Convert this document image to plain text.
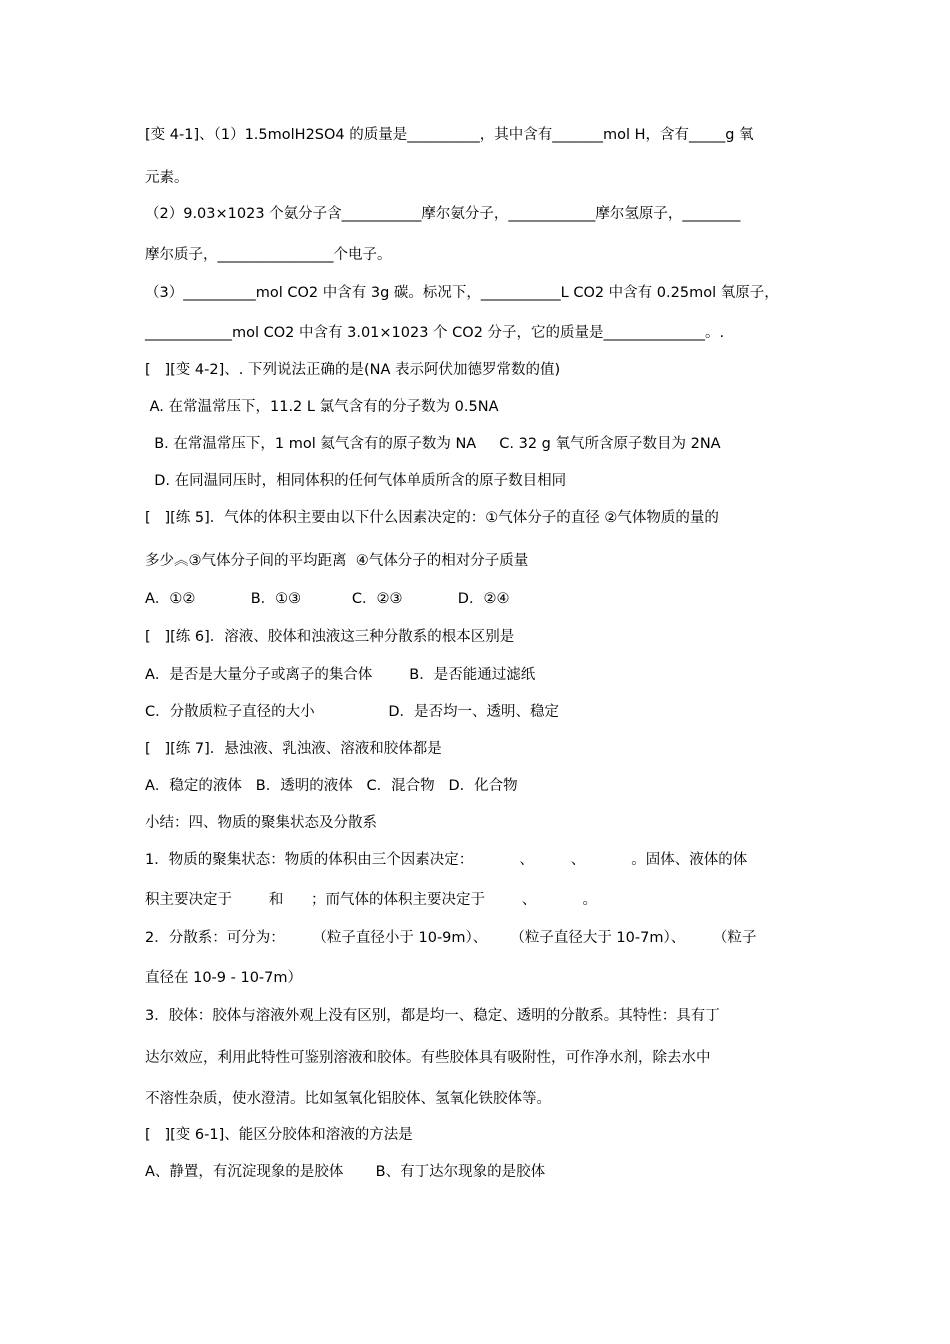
[变 4-1]、（1）1.5molH2SO4 的质量是__________，其中含有_______mol H，含有_____g 氧
元素。
（2）9.03×1023 个氨分子含___________摩尔氨分子，____________摩尔氢原子，________
摩尔质子，________________个电子。
（3）__________mol CO2 中含有 3g 碳。标况下，___________L CO2 中含有 0.25mol 氧原子，
____________mol CO2 中含有 3.01×1023 个 CO2 分子，它的质量是______________。.
[   ][变 4-2]、. 下列说法正确的是(NA 表示阿伏加德罗常数的值)
A. 在常温常压下，11.2 L 氯气含有的分子数为 0.5NA
B. 在常温常压下，1 mol 氦气含有的原子数为 NA     C. 32 g 氧气所含原子数目为 2NA
D. 在同温同压时，相同体积的任何气体单质所含的原子数目相同
[   ][练 5]．气体的体积主要由以下什么因素决定的：①气体分子的直径 ②气体物质的量的
多少︽③气体分子间的平均距离  ④气体分子的相对分子质量
A．①②            B．①③           C．②③            D．②④
[   ][练 6]．溶液、胶体和浊液这三种分散系的根本区别是
A．是否是大量分子或离子的集合体        B．是否能通过滤纸
C．分散质粒子直径的大小                D．是否均一、透明、稳定
[   ][练 7]．悬浊液、乳浊液、溶液和胶体都是
A．稳定的液体   B．透明的液体   C．混合物   D．化合物
小结：四、物质的聚集状态及分散系
1．物质的聚集状态：物质的体积由三个因素决定：          、        、          。固体、液体的体
积主要决定于        和      ；而气体的体积主要决定于        、          。
2．分散系：可分为：      （粒子直径小于 10-9m）、     （粒子直径大于 10-7m）、      （粒子
直径在 10-9 - 10-7m）
3．胶体：胶体与溶液外观上没有区别，都是均一、稳定、透明的分散系。其特性：具有丁
达尔效应，利用此特性可鉴别溶液和胶体。有些胶体具有吸附性，可作净水剂，除去水中
不溶性杂质，使水澄清。比如氢氧化铝胶体、氢氧化铁胶体等。
[   ][变 6-1]、能区分胶体和溶液的方法是
A、静置，有沉淀现象的是胶体       B、有丁达尔现象的是胶体
